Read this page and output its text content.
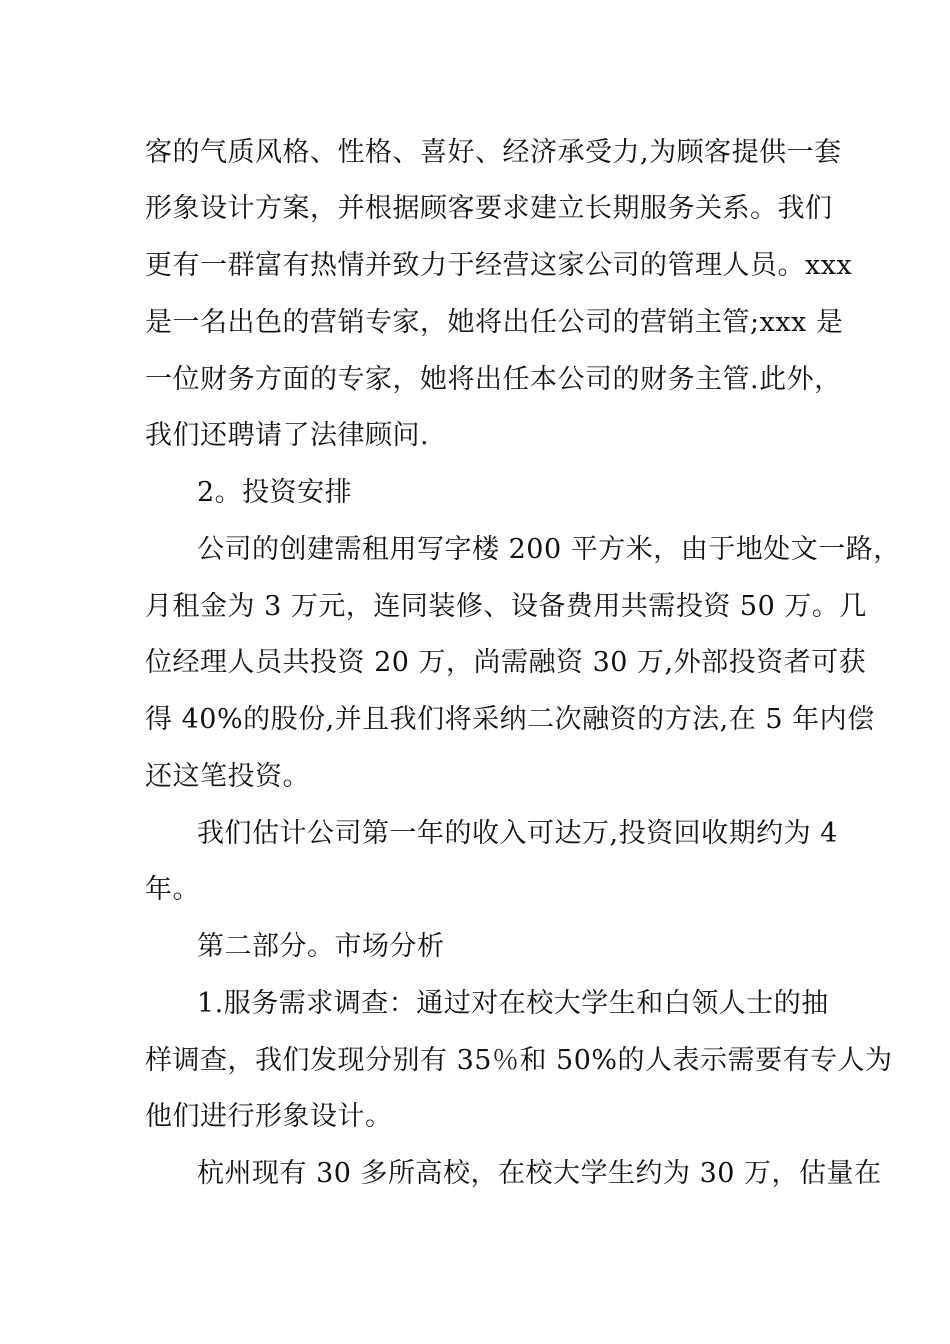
客的气质风格、性格、喜好、经济承受力,为顾客提供一套
形象设计方案，并根据顾客要求建立长期服务关系。我们
更有一群富有热情并致力于经营这家公司的管理人员。xxx
是一名出色的营销专家，她将出任公司的营销主管;xxx 是
一位财务方面的专家，她将出任本公司的财务主管.此外，
我们还聘请了法律顾问.
2。投资安排
公司的创建需租用写字楼 200 平方米，由于地处文一路，
月租金为 3 万元，连同装修、设备费用共需投资 50 万。几
位经理人员共投资 20 万，尚需融资 30 万,外部投资者可获
得 40%的股份,并且我们将采纳二次融资的方法,在 5 年内偿
还这笔投资。
我们估计公司第一年的收入可达万,投资回收期约为 4
年。
第二部分。市场分析
1.服务需求调查：通过对在校大学生和白领人士的抽
样调查，我们发现分别有 35％和 50%的人表示需要有专人为
他们进行形象设计。
杭州现有 30 多所高校，在校大学生约为 30 万，估量在
